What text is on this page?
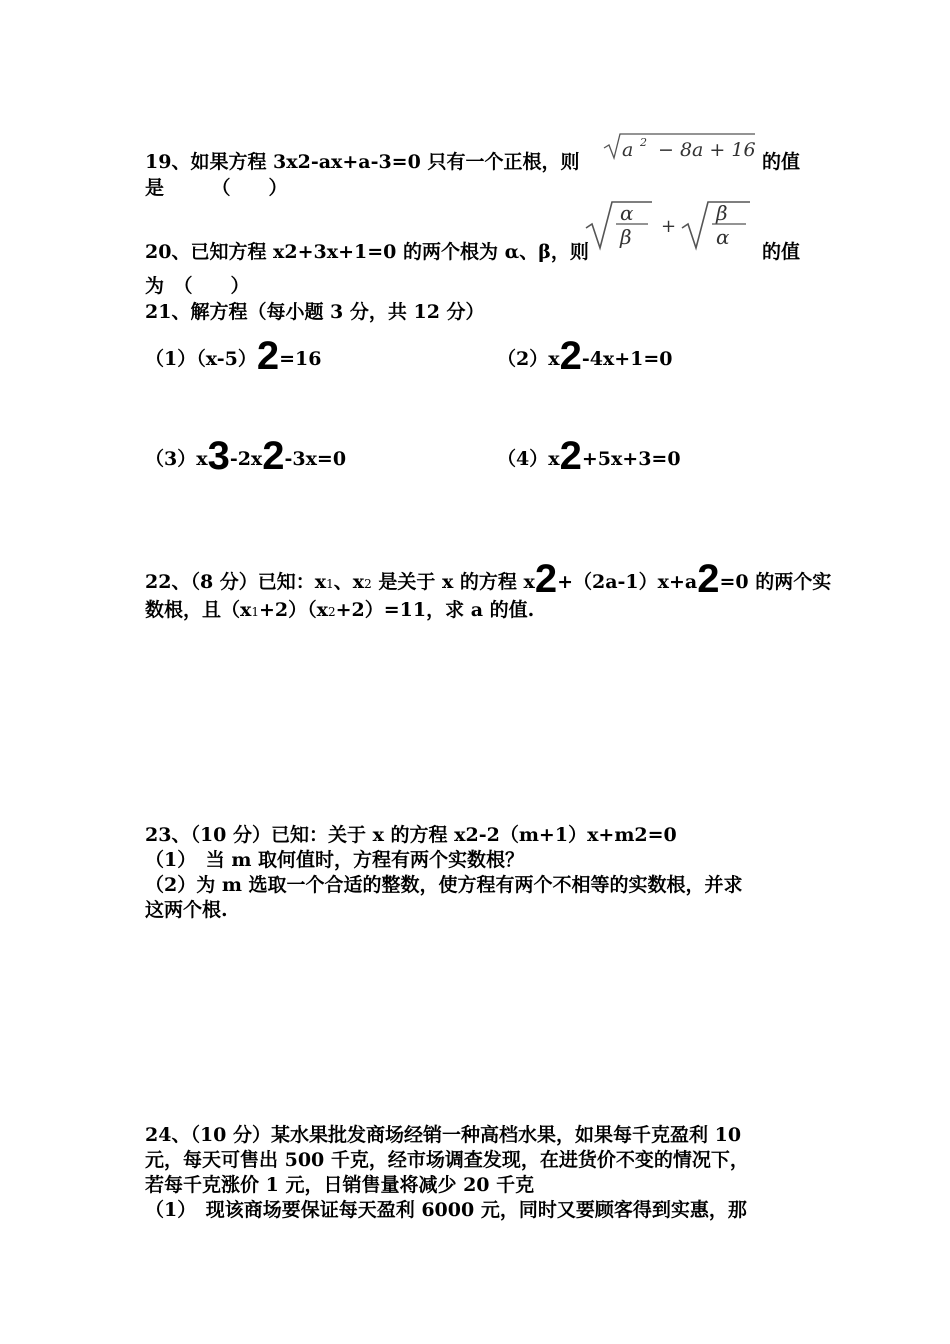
19、如果方程 3x2-ax+a-3=0 只有一个正根，则
a 2 − 8a + 16
的值
是　　　（　　）
20、已知方程 x2+3x+1=0 的两个根为 α、β，则
α
β +
β
α
的值
为　（　　）
21、解方程（每小题 3 分，共 12 分）
（1）（x-5）2=16	（2）x2-4x+1=0
（3）x3-2x2-3x=0	（4）x2+5x+3=0
22、（8 分）已知：x1、x2 是关于 x 的方程 x2+（2a-1）x+a2=0 的两个实
数根，且（x1+2）（x2+2）=11，求 a 的值.
23、（10 分）已知：关于 x 的方程 x2-2（m+1）x+m2=0
（1）　当 m 取何值时，方程有两个实数根？
（2）为 m 选取一个合适的整数，使方程有两个不相等的实数根，并求
这两个根.
24、（10 分）某水果批发商场经销一种高档水果，如果每千克盈利 10
元，每天可售出 500 千克，经市场调查发现，在进货价不变的情况下，
若每千克涨价 1 元，日销售量将减少 20 千克
（1）　现该商场要保证每天盈利 6000 元，同时又要顾客得到实惠，那
